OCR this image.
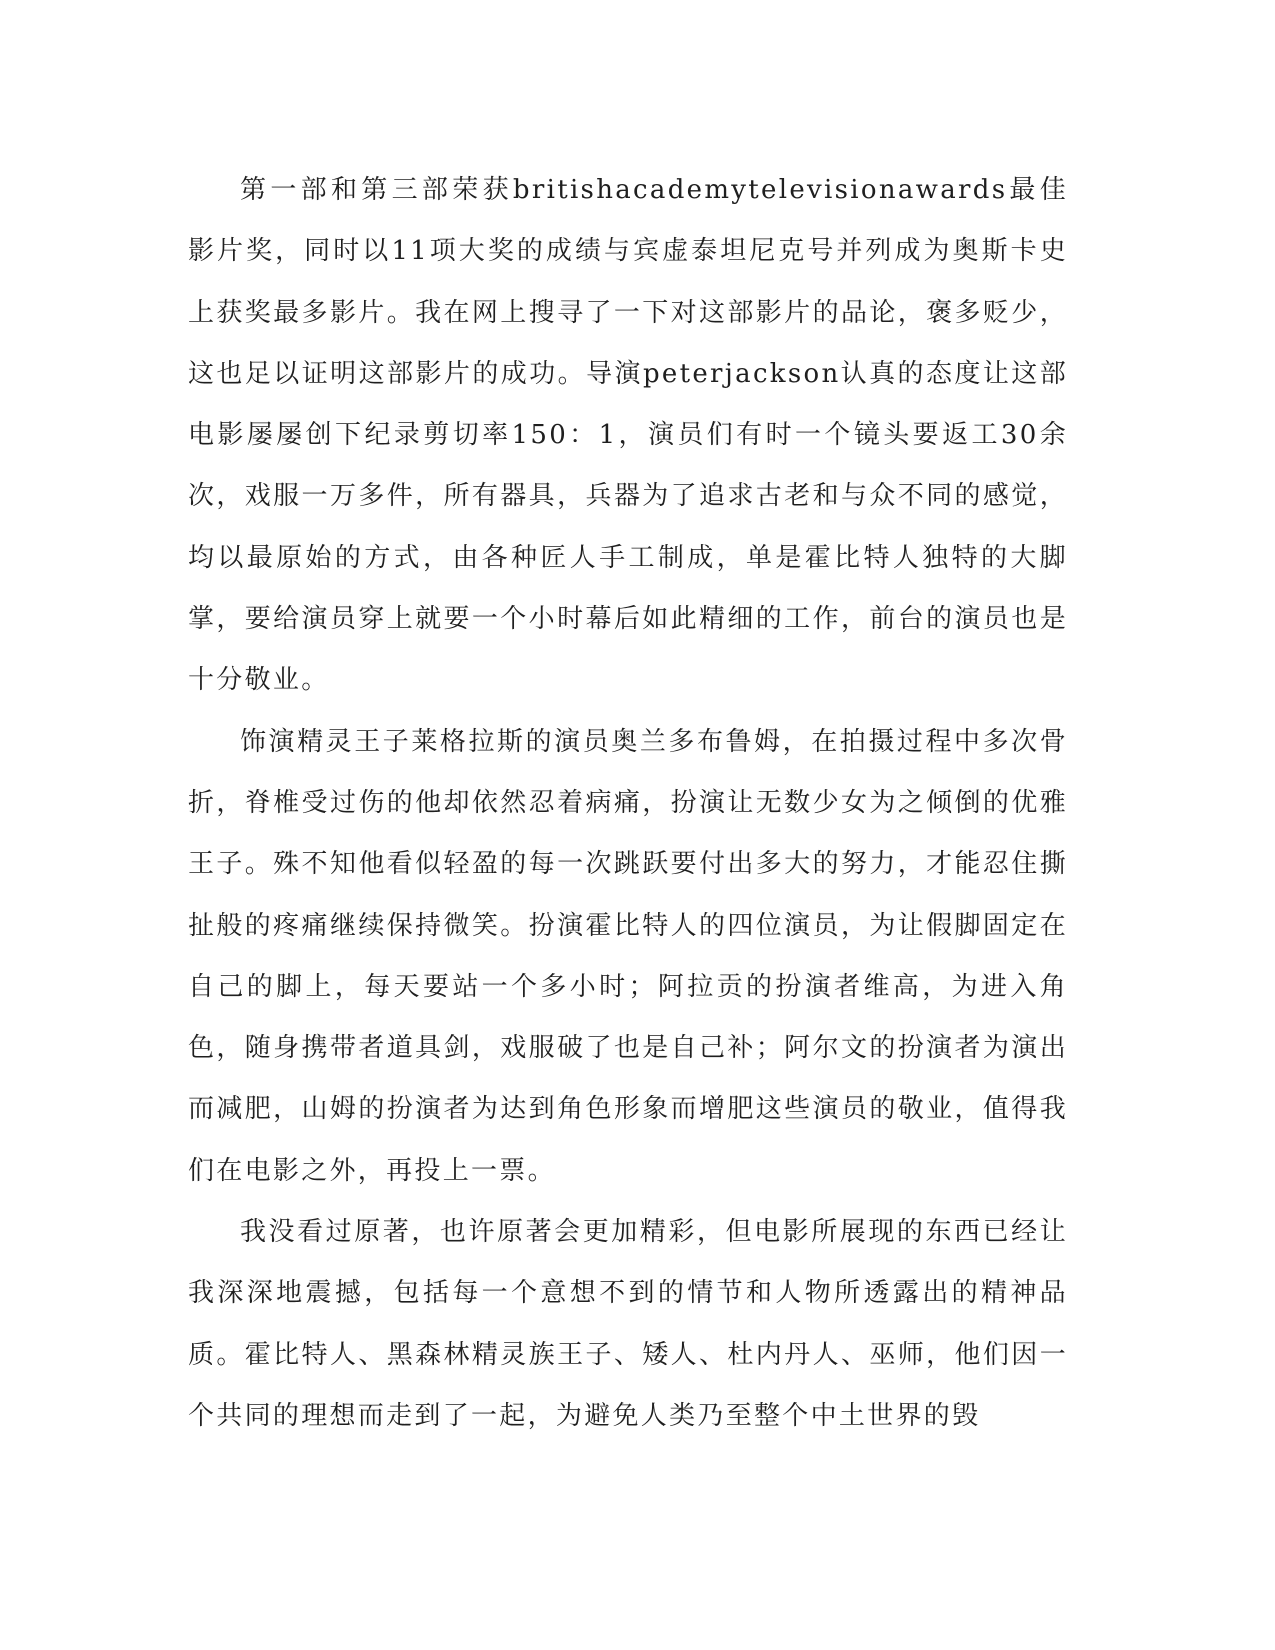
第一部和第三部荣获britishacademytelevisionawards最佳影片奖，同时以11项大奖的成绩与宾虚泰坦尼克号并列成为奥斯卡史上获奖最多影片。我在网上搜寻了一下对这部影片的品论，褒多贬少，这也足以证明这部影片的成功。导演peterjackson认真的态度让这部电影屡屡创下纪录剪切率150：1，演员们有时一个镜头要返工30余次，戏服一万多件，所有器具，兵器为了追求古老和与众不同的感觉，均以最原始的方式，由各种匠人手工制成，单是霍比特人独特的大脚掌，要给演员穿上就要一个小时幕后如此精细的工作，前台的演员也是十分敬业。

饰演精灵王子莱格拉斯的演员奥兰多布鲁姆，在拍摄过程中多次骨折，脊椎受过伤的他却依然忍着病痛，扮演让无数少女为之倾倒的优雅王子。殊不知他看似轻盈的每一次跳跃要付出多大的努力，才能忍住撕扯般的疼痛继续保持微笑。扮演霍比特人的四位演员，为让假脚固定在自己的脚上，每天要站一个多小时；阿拉贡的扮演者维高，为进入角色，随身携带者道具剑，戏服破了也是自己补；阿尔文的扮演者为演出而减肥，山姆的扮演者为达到角色形象而增肥这些演员的敬业，值得我们在电影之外，再投上一票。

我没看过原著，也许原著会更加精彩，但电影所展现的东西已经让我深深地震撼，包括每一个意想不到的情节和人物所透露出的精神品质。霍比特人、黑森林精灵族王子、矮人、杜内丹人、巫师，他们因一个共同的理想而走到了一起，为避免人类乃至整个中土世界的毁
